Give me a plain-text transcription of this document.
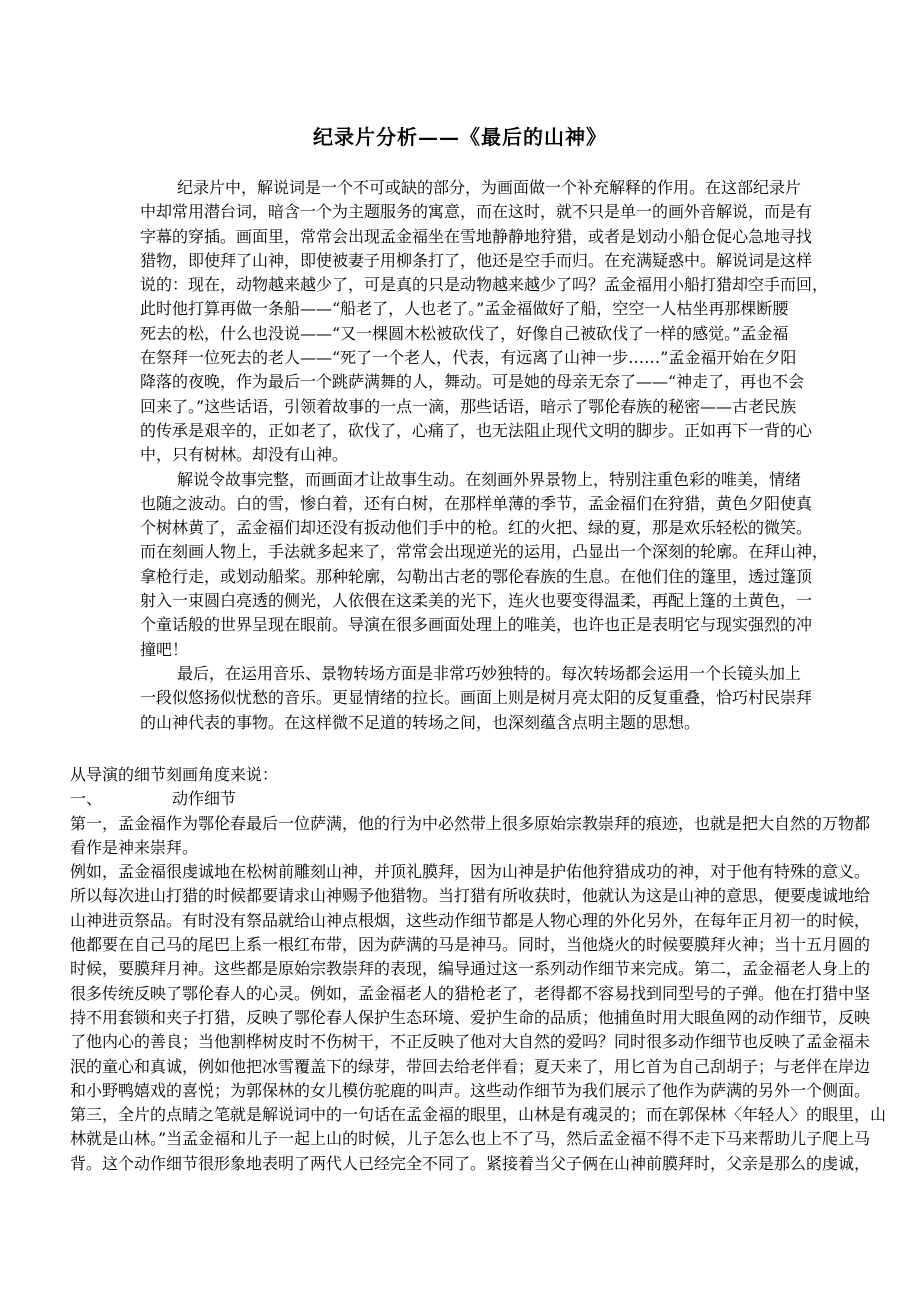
纪录片分析——《最后的山神》
纪录片中，解说词是一个不可或缺的部分，为画面做一个补充解释的作用。在这部纪录片
中却常用潜台词，暗含一个为主题服务的寓意，而在这时，就不只是单一的画外音解说，而是有
字幕的穿插。画面里，常常会出现孟金福坐在雪地静静地狩猎，或者是划动小船仓促心急地寻找
猎物，即使拜了山神，即使被妻子用柳条打了，他还是空手而归。在充满疑惑中。解说词是这样
说的：现在，动物越来越少了，可是真的只是动物越来越少了吗？孟金福用小船打猎却空手而回，
此时他打算再做一条船——“船老了，人也老了。”孟金福做好了船，空空一人枯坐再那棵断腰
死去的松，什么也没说——“又一棵圆木松被砍伐了，好像自己被砍伐了一样的感觉。”孟金福
在祭拜一位死去的老人——“死了一个老人，代表，有远离了山神一步……”孟金福开始在夕阳
降落的夜晚，作为最后一个跳萨满舞的人，舞动。可是她的母亲无奈了——“神走了，再也不会
回来了。”这些话语，引领着故事的一点一滴，那些话语，暗示了鄂伦春族的秘密——古老民族
的传承是艰辛的，正如老了，砍伐了，心痛了，也无法阻止现代文明的脚步。正如再下一背的心
中，只有树林。却没有山神。
解说令故事完整，而画面才让故事生动。在刻画外界景物上，特别注重色彩的唯美，情绪
也随之波动。白的雪，惨白着，还有白树，在那样单薄的季节，孟金福们在狩猎，黄色夕阳使真
个树林黄了，孟金福们却还没有扳动他们手中的枪。红的火把、绿的夏，那是欢乐轻松的微笑。
而在刻画人物上，手法就多起来了，常常会出现逆光的运用，凸显出一个深刻的轮廓。在拜山神，
拿枪行走，或划动船桨。那种轮廓，勾勒出古老的鄂伦春族的生息。在他们住的篷里，透过篷顶
射入一束圆白亮透的侧光，人依偎在这柔美的光下，连火也要变得温柔，再配上篷的土黄色，一
个童话般的世界呈现在眼前。导演在很多画面处理上的唯美，也许也正是表明它与现实强烈的冲
撞吧！
最后，在运用音乐、景物转场方面是非常巧妙独特的。每次转场都会运用一个长镜头加上
一段似悠扬似忧愁的音乐。更显情绪的拉长。画面上则是树月亮太阳的反复重叠，恰巧村民崇拜
的山神代表的事物。在这样微不足道的转场之间，也深刻蕴含点明主题的思想。
从导演的细节刻画角度来说：
一、	动作细节
第一，孟金福作为鄂伦春最后一位萨满，他的行为中必然带上很多原始宗教崇拜的痕迹，也就是把大自然的万物都
看作是神来崇拜。
例如，孟金福很虔诚地在松树前雕刻山神，并顶礼膜拜，因为山神是护佑他狩猎成功的神，对于他有特殊的意义。
所以每次进山打猎的时候都要请求山神赐予他猎物。当打猎有所收获时，他就认为这是山神的意思，便要虔诚地给
山神进贡祭品。有时没有祭品就给山神点根烟，这些动作细节都是人物心理的外化另外，在每年正月初一的时候，
他都要在自己马的尾巴上系一根红布带，因为萨满的马是神马。同时，当他烧火的时候要膜拜火神；当十五月圆的
时候，要膜拜月神。这些都是原始宗教崇拜的表现，编导通过这一系列动作细节来完成。第二，孟金福老人身上的
很多传统反映了鄂伦春人的心灵。例如，孟金福老人的猎枪老了，老得都不容易找到同型号的子弹。他在打猎中坚
持不用套锁和夹子打猎，反映了鄂伦春人保护生态环境、爱护生命的品质；他捕鱼时用大眼鱼网的动作细节，反映
了他内心的善良；当他割桦树皮时不伤树干，不正反映了他对大自然的爱吗？同时很多动作细节也反映了孟金福未
泯的童心和真诚，例如他把冰雪覆盖下的绿芽，带回去给老伴看；夏天来了，用匕首为自己刮胡子；与老伴在岸边
和小野鸭嬉戏的喜悦；为郭保林的女儿模仿驼鹿的叫声。这些动作细节为我们展示了他作为萨满的另外一个侧面。
第三，全片的点睛之笔就是解说词中的一句话在孟金福的眼里，山林是有魂灵的；而在郭保林〈年轻人〉的眼里，山
林就是山林。”当孟金福和儿子一起上山的时候，儿子怎么也上不了马，然后孟金福不得不走下马来帮助儿子爬上马
背。这个动作细节很形象地表明了两代人已经完全不同了。紧接着当父子俩在山神前膜拜时，父亲是那么的虔诚，
